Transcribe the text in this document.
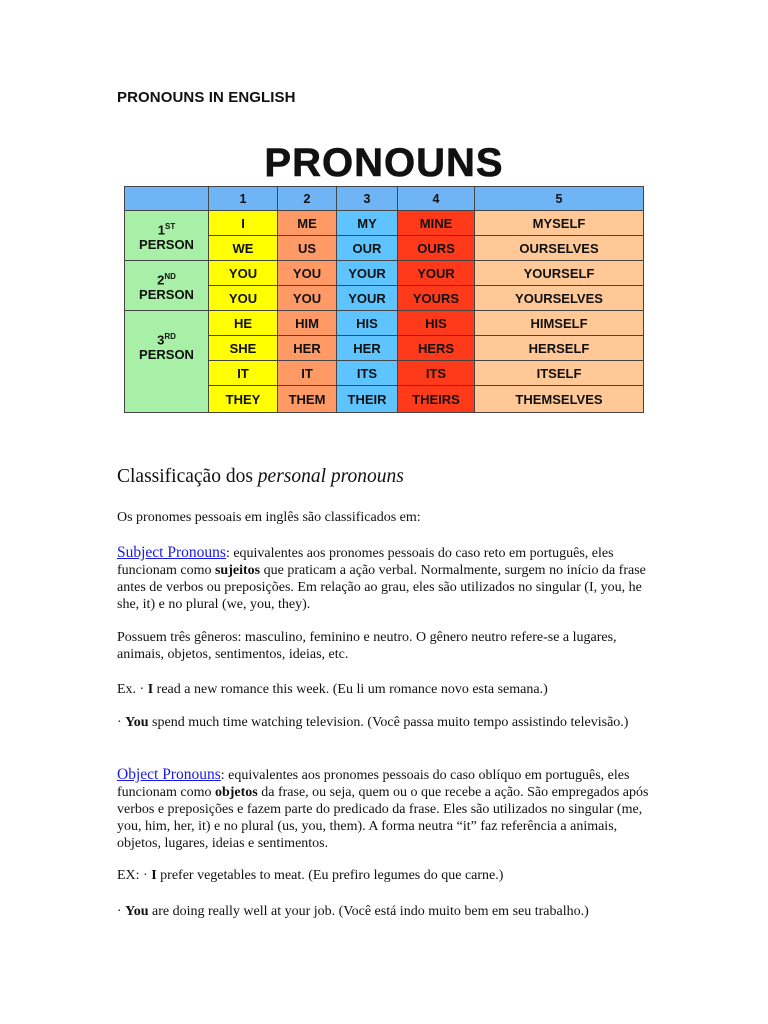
PRONOUNS IN ENGLISH
PRONOUNS
	1	2	3	4	5
1ST
PERSON	I	ME	MY	MINE	MYSELF
	WE	US	OUR	OURS	OURSELVES
2ND
PERSON	YOU	YOU	YOUR	YOUR	YOURSELF
	YOU	YOU	YOUR	YOURS	YOURSELVES
3RD
PERSON	HE	HIM	HIS	HIS	HIMSELF
	SHE	HER	HER	HERS	HERSELF
	IT	IT	ITS	ITS	ITSELF
	THEY	THEM	THEIR	THEIRS	THEMSELVES
Classificação dos personal pronouns
Os pronomes pessoais em inglês são classificados em:
Subject Pronouns: equivalentes aos pronomes pessoais do caso reto em português, eles funcionam como sujeitos que praticam a ação verbal. Normalmente, surgem no início da frase antes de verbos ou preposições. Em relação ao grau, eles são utilizados no singular (I, you, he she, it) e no plural (we, you, they).
Possuem três gêneros: masculino, feminino e neutro. O gênero neutro refere-se a lugares, animais, objetos, sentimentos, ideias, etc.
Ex. · I read a new romance this week. (Eu li um romance novo esta semana.)
· You spend much time watching television. (Você passa muito tempo assistindo televisão.)
Object Pronouns: equivalentes aos pronomes pessoais do caso oblíquo em português, eles funcionam como objetos da frase, ou seja, quem ou o que recebe a ação. São empregados após verbos e preposições e fazem parte do predicado da frase. Eles são utilizados no singular (me, you, him, her, it) e no plural (us, you, them). A forma neutra “it” faz referência a animais, objetos, lugares, ideias e sentimentos.
EX: · I prefer vegetables to meat. (Eu prefiro legumes do que carne.)
· You are doing really well at your job. (Você está indo muito bem em seu trabalho.)
